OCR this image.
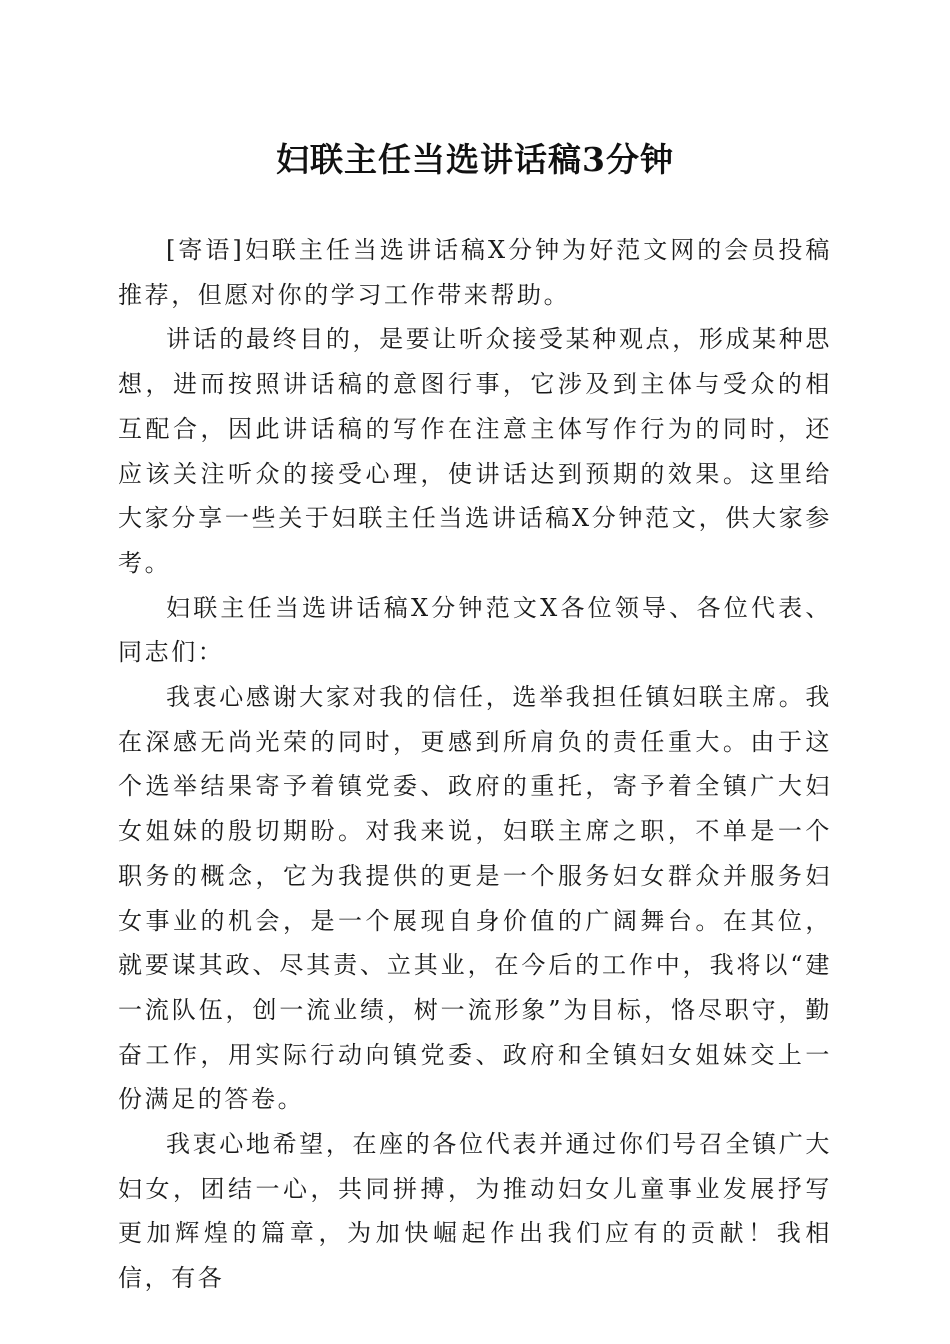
妇联主任当选讲话稿3分钟

[寄语]妇联主任当选讲话稿X分钟为好范文网的会员投稿推荐，但愿对你的学习工作带来帮助。

讲话的最终目的，是要让听众接受某种观点，形成某种思想，进而按照讲话稿的意图行事，它涉及到主体与受众的相互配合，因此讲话稿的写作在注意主体写作行为的同时，还应该关注听众的接受心理，使讲话达到预期的效果。这里给大家分享一些关于妇联主任当选讲话稿X分钟范文，供大家参考。

妇联主任当选讲话稿X分钟范文X各位领导、各位代表、同志们：

我衷心感谢大家对我的信任，选举我担任镇妇联主席。我在深感无尚光荣的同时，更感到所肩负的责任重大。由于这个选举结果寄予着镇党委、政府的重托，寄予着全镇广大妇女姐妹的殷切期盼。对我来说，妇联主席之职，不单是一个职务的概念，它为我提供的更是一个服务妇女群众并服务妇女事业的机会，是一个展现自身价值的广阔舞台。在其位，就要谋其政、尽其责、立其业，在今后的工作中，我将以“建一流队伍，创一流业绩，树一流形象”为目标，恪尽职守，勤奋工作，用实际行动向镇党委、政府和全镇妇女姐妹交上一份满足的答卷。

我衷心地希望，在座的各位代表并通过你们号召全镇广大妇女，团结一心，共同拼搏，为推动妇女儿童事业发展抒写更加辉煌的篇章，为加快崛起作出我们应有的贡献！我相信，有各
